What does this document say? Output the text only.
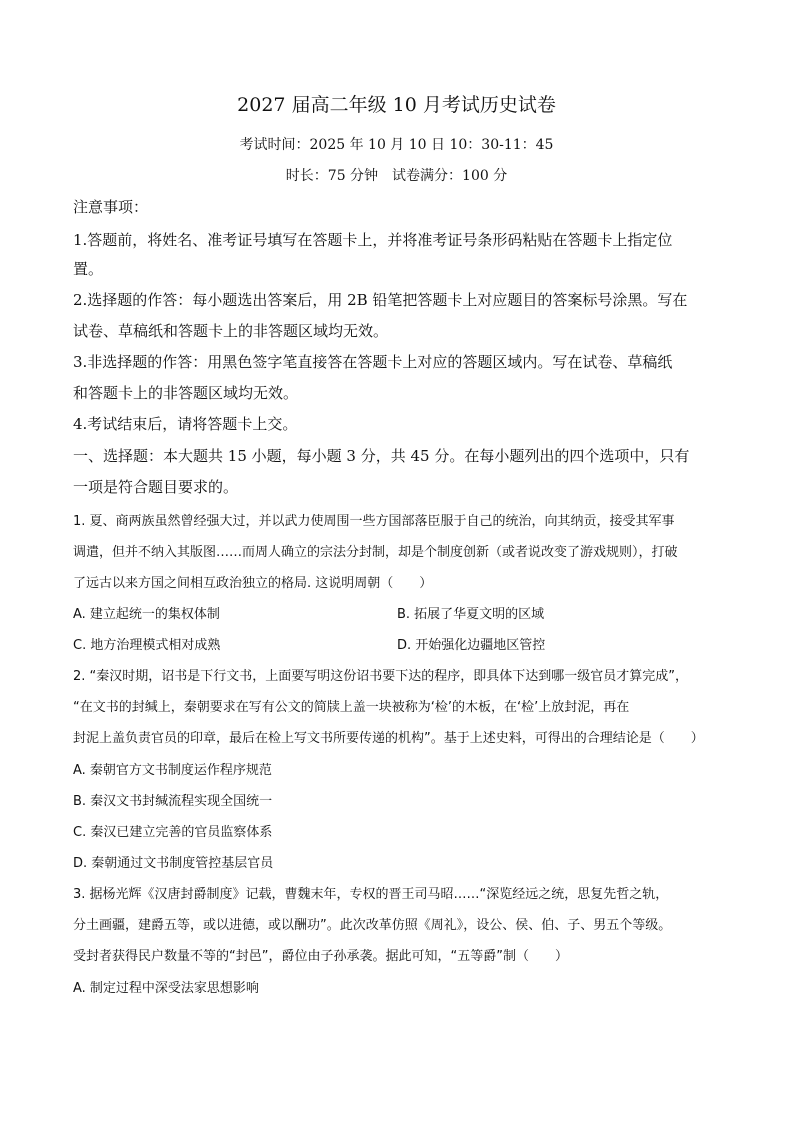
2027 届高二年级 10 月考试历史试卷
考试时间：2025 年 10 月 10 日 10：30-11：45
时长：75 分钟　试卷满分：100 分
注意事项：
1.答题前，将姓名、准考证号填写在答题卡上，并将准考证号条形码粘贴在答题卡上指定位
置。
2.选择题的作答：每小题选出答案后，用 2B 铅笔把答题卡上对应题目的答案标号涂黑。写在
试卷、草稿纸和答题卡上的非答题区域均无效。
3.非选择题的作答：用黑色签字笔直接答在答题卡上对应的答题区域内。写在试卷、草稿纸
和答题卡上的非答题区域均无效。
4.考试结束后，请将答题卡上交。
一、选择题：本大题共 15 小题，每小题 3 分，共 45 分。在每小题列出的四个选项中，只有
一项是符合题目要求的。
1. 夏、商两族虽然曾经强大过，并以武力使周围一些方国部落臣服于自己的统治，向其纳贡，接受其军事
调遣，但并不纳入其版图……而周人确立的宗法分封制，却是个制度创新（或者说改变了游戏规则），打破
了远古以来方国之间相互政治独立的格局. 这说明周朝（　　）
A. 建立起统一的集权体制	B. 拓展了华夏文明的区域
C. 地方治理模式相对成熟	D. 开始强化边疆地区管控
2. “秦汉时期，诏书是下行文书，上面要写明这份诏书要下达的程序，即具体下达到哪一级官员才算完成”，
“在文书的封缄上，秦朝要求在写有公文的简牍上盖一块被称为‘检’的木板，在‘检’上放封泥，再在
封泥上盖负责官员的印章，最后在检上写文书所要传递的机构”。基于上述史料，可得出的合理结论是（　　）
A. 秦朝官方文书制度运作程序规范
B. 秦汉文书封缄流程实现全国统一
C. 秦汉已建立完善的官员监察体系
D. 秦朝通过文书制度管控基层官员
3. 据杨光辉《汉唐封爵制度》记载，曹魏末年，专权的晋王司马昭……“深览经远之统，思复先哲之轨，
分土画疆，建爵五等，或以进德，或以酬功”。此次改革仿照《周礼》，设公、侯、伯、子、男五个等级。
受封者获得民户数量不等的“封邑”，爵位由子孙承袭。据此可知，“五等爵”制（　　）
A. 制定过程中深受法家思想影响
